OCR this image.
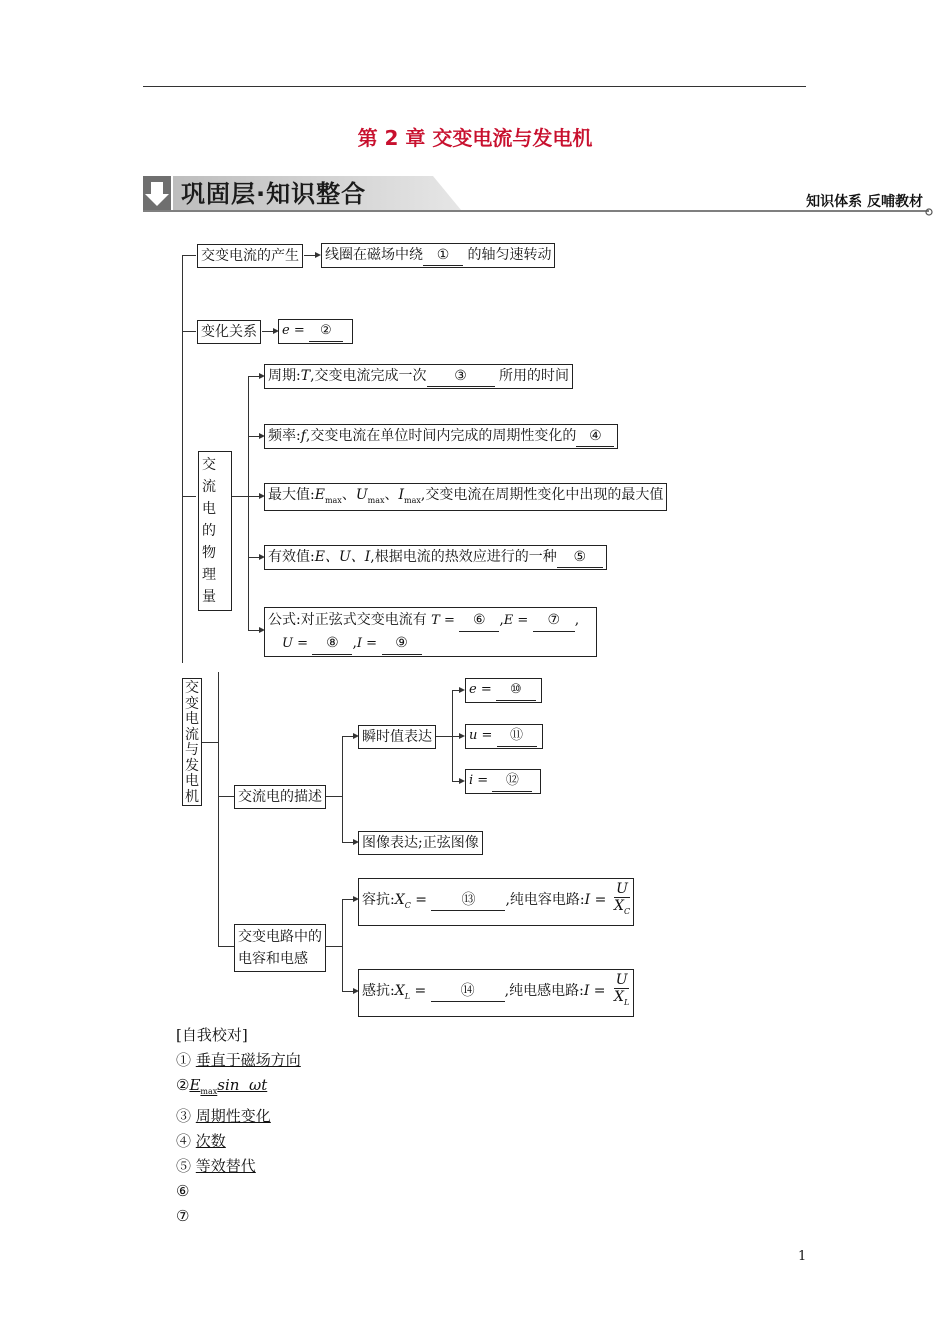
第 2 章 交变电流与发电机
巩固层·知识整合	知识体系 反哺教材
交变电流的产生 线圈在磁场中绕 ① 的轴匀速转动
变化关系	e = ②
交流电的物理量
周期:T,交变电流完成一次 ③ 所用的时间
频率:f,交变电流在单位时间内完成的周期性变化的 ④
最大值$:E_{max}$、$U_{max}$、$I_{max}$,交变电流在周期性变化中出现的最大值
有效值:E、U、I,根据电流的热效应进行的一种 ⑤
公式:对正弦式交变电流有 T = ⑥ ,E = ⑦ ,
U = ⑧ ,I = ⑨
交变电流与发电机	交流电的描述
瞬时值表达
e = ⑩
u = ⑪
i = ⑫
图像表达;正弦图像
交变电路中的电容和电感
容抗$:X_C$ = ⑬ ,纯电容电路:I = $\frac{U}{X_C}$
感抗$:X_L$ = ⑭ ,纯电感电路:I = $\frac{U}{X_L}$
[自我校对]
① 垂直于磁场方向
$②E_{max}\sin$  ωt
③ 周期性变化
④ 次数
⑤ 等效替代
⑥
⑦
1
